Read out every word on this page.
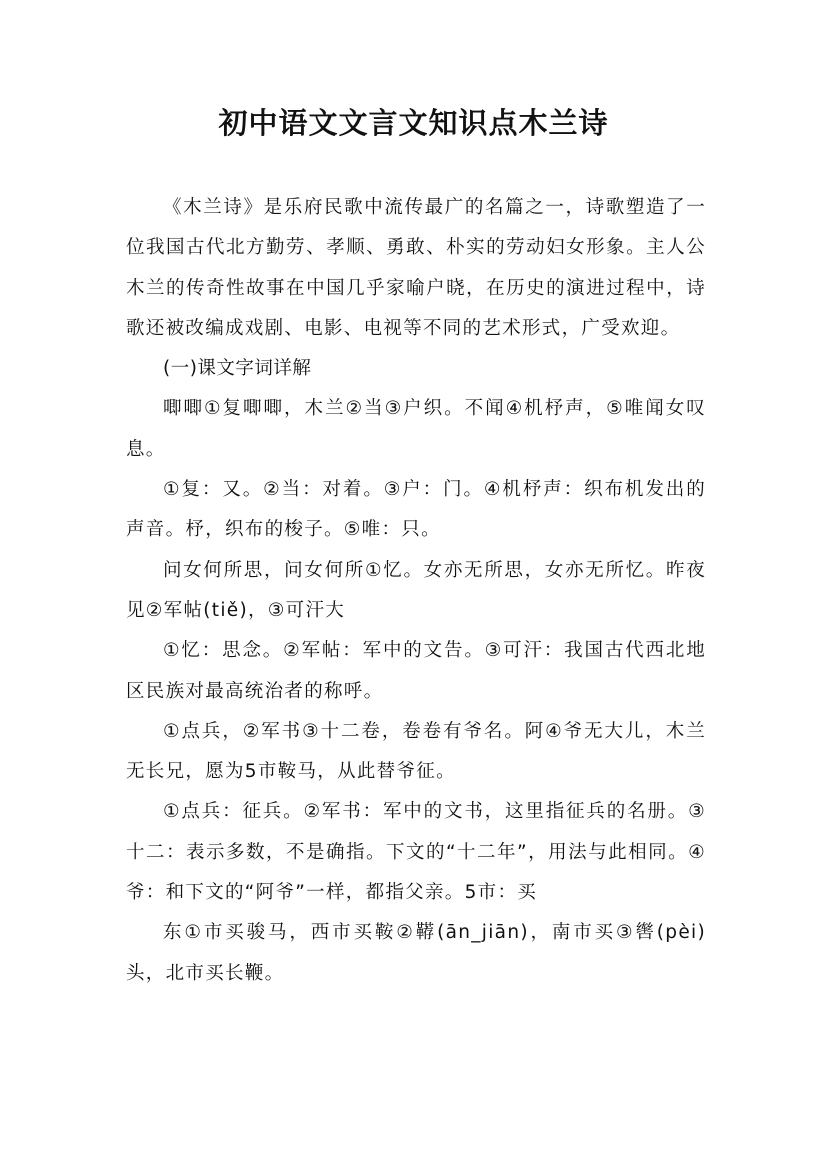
初中语文文言文知识点木兰诗

《木兰诗》是乐府民歌中流传最广的名篇之一，诗歌塑造了一位我国古代北方勤劳、孝顺、勇敢、朴实的劳动妇女形象。主人公木兰的传奇性故事在中国几乎家喻户晓，在历史的演进过程中，诗歌还被改编成戏剧、电影、电视等不同的艺术形式，广受欢迎。

(一)课文字词详解

唧唧①复唧唧，木兰②当③户织。不闻④机杼声，⑤唯闻女叹息。

①复：又。②当：对着。③户：门。④机杼声：织布机发出的声音。杼，织布的梭子。⑤唯：只。

问女何所思，问女何所①忆。女亦无所思，女亦无所忆。昨夜见②军帖(tiě)，③可汗大

①忆：思念。②军帖：军中的文告。③可汗：我国古代西北地区民族对最高统治者的称呼。

①点兵，②军书③十二卷，卷卷有爷名。阿④爷无大儿，木兰无长兄，愿为5市鞍马，从此替爷征。

①点兵：征兵。②军书：军中的文书，这里指征兵的名册。③十二：表示多数，不是确指。下文的“十二年”，用法与此相同。④爷：和下文的“阿爷”一样，都指父亲。5市：买

东①市买骏马，西市买鞍②鞯(ān_jiān)，南市买③辔(pèi)头，北市买长鞭。
